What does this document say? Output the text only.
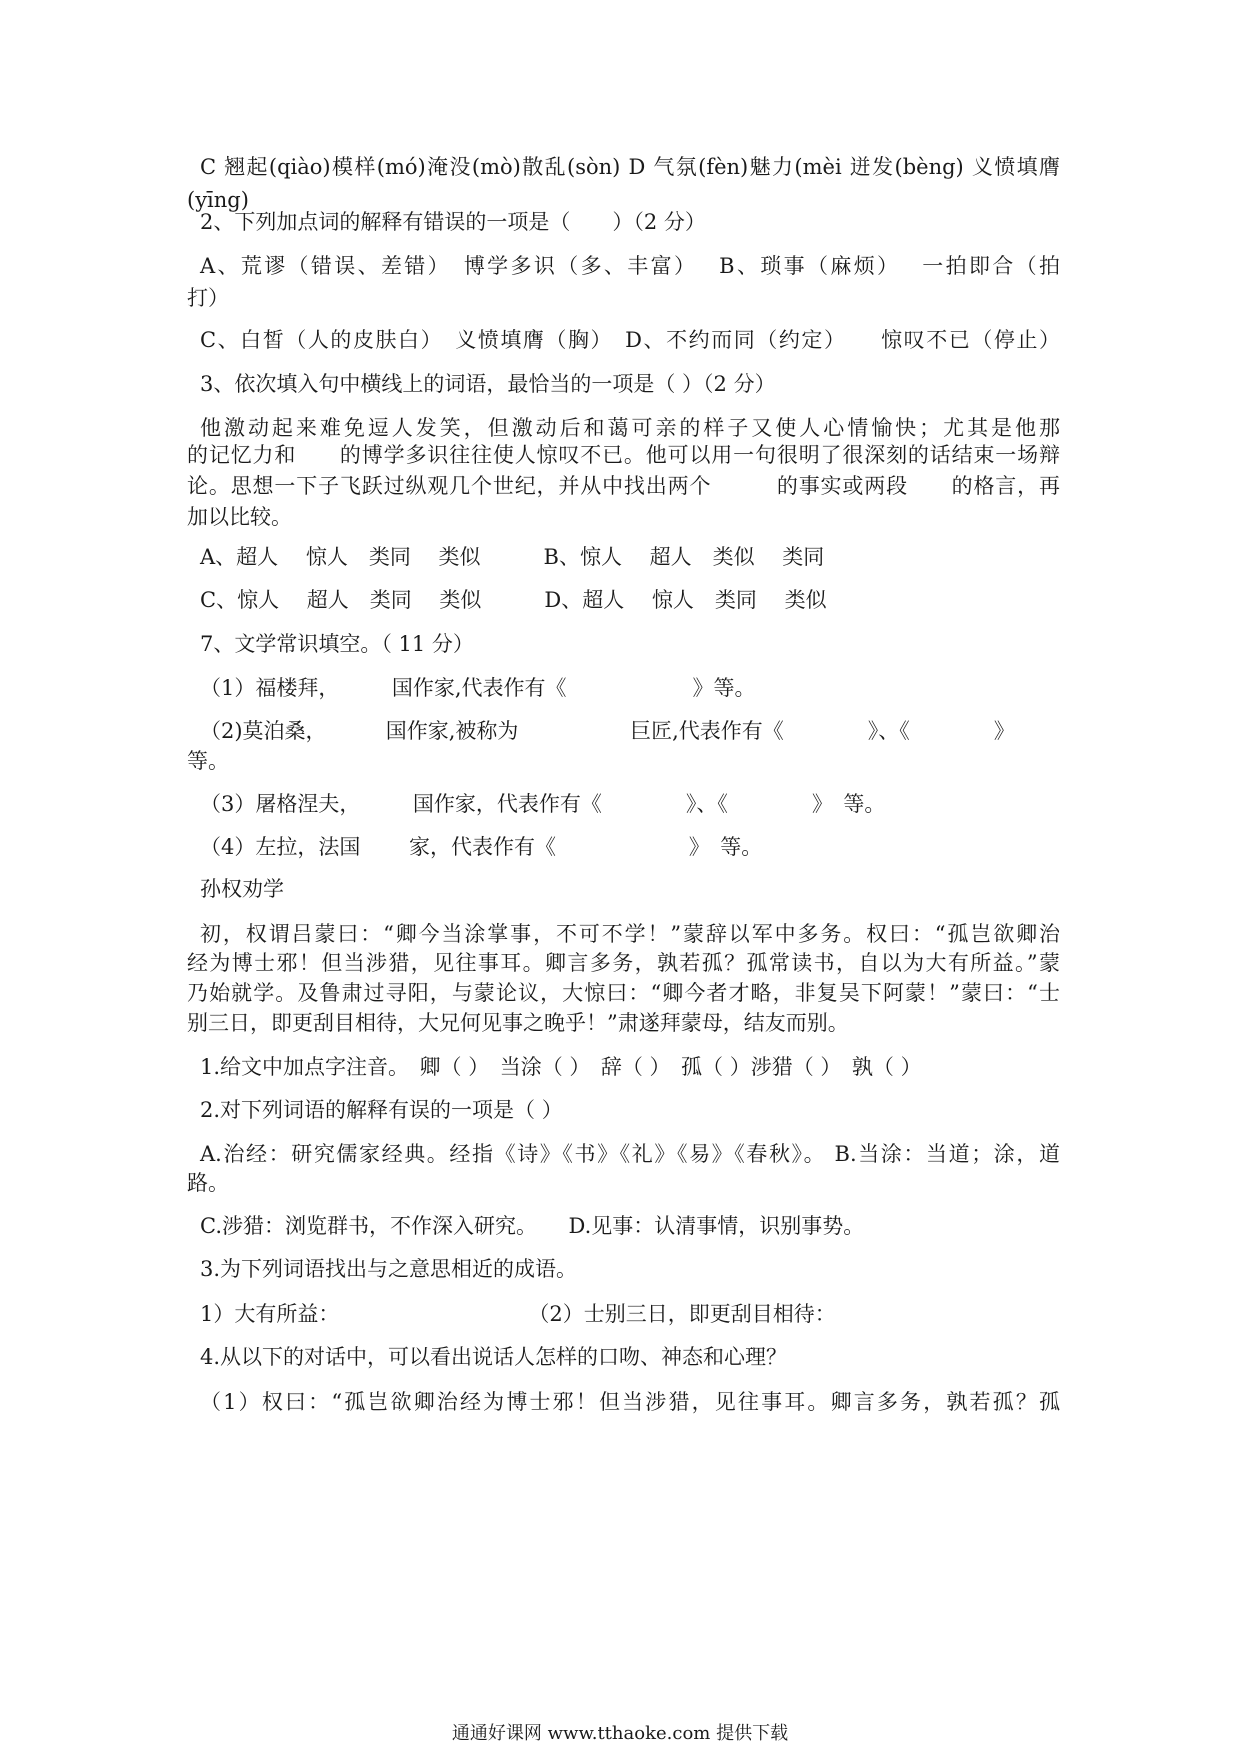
C 翘起(qiào)模样(mó)淹没(mò)散乱(sòn) D 气氛(fèn)魅力(mèi 迸发(bèng) 义愤填膺
(yīng)
2、下列加点词的解释有错误的一项是（　　）（2 分）
A、荒谬（错误、差错）　博学多识（多、丰富）　 B、琐事（麻烦）　 一拍即合（拍
打）
C、白皙（人的皮肤白）　义愤填膺（胸）　D、不约而同（约定）　　惊叹不已（停止）
3、依次填入句中横线上的词语，最恰当的一项是（ ）（2 分）
他激动起来难免逗人发笑，但激动后和蔼可亲的样子又使人心情愉快；尤其是他那
的记忆力和　　的博学多识往往使人惊叹不已。他可以用一句很明了很深刻的话结束一场辩
论。思想一下子飞跃过纵观几个世纪，并从中找出两个　　　的事实或两段　　的格言，再
加以比较。
A、超人　 惊人　类同　 类似　　　B、惊人　 超人　类似　 类同
C、惊人　 超人　类同　 类似　　　D、超人　 惊人　类同　 类似
7、文学常识填空。（ 11 分）
（1）福楼拜，　　　国作家,代表作有《　　　　　　》等。
（2)莫泊桑，　　　 国作家,被称为　　　　　 巨匠,代表作有《　　　　》、《　　　　》
等。
（3）屠格涅夫，　　　国作家，代表作有《　　　　》、《　　　　》　等。
（4）左拉，法国　　 家，代表作有《　　　　　　 》　等。
孙权劝学
初，权谓吕蒙曰：“卿今当涂掌事，不可不学！”蒙辞以军中多务。权曰：“孤岂欲卿治
经为博士邪！但当涉猎，见往事耳。卿言多务，孰若孤？孤常读书，自以为大有所益。”蒙
乃始就学。及鲁肃过寻阳，与蒙论议，大惊曰：“卿今者才略，非复吴下阿蒙！”蒙曰：“士
别三日，即更刮目相待，大兄何见事之晚乎！”肃遂拜蒙母，结友而别。
1.给文中加点字注音。　卿（ ）　当涂（ ）　辞（ ）　孤（ ）涉猎（ ）　孰（ ）
2.对下列词语的解释有误的一项是（ ）
A.治经：研究儒家经典。经指《诗》《书》《礼》《易》《春秋》。 B.当涂：当道；涂，道
路。
C.涉猎：浏览群书，不作深入研究。　　D.见事：认清事情，识别事势。
3.为下列词语找出与之意思相近的成语。
1）大有所益：　　　　　　　　　　（2）士别三日，即更刮目相待：
4.从以下的对话中，可以看出说话人怎样的口吻、神态和心理？
（1）权曰：“孤岂欲卿治经为博士邪！但当涉猎，见往事耳。卿言多务，孰若孤？孤
通通好课网 www.tthaoke.com 提供下载
